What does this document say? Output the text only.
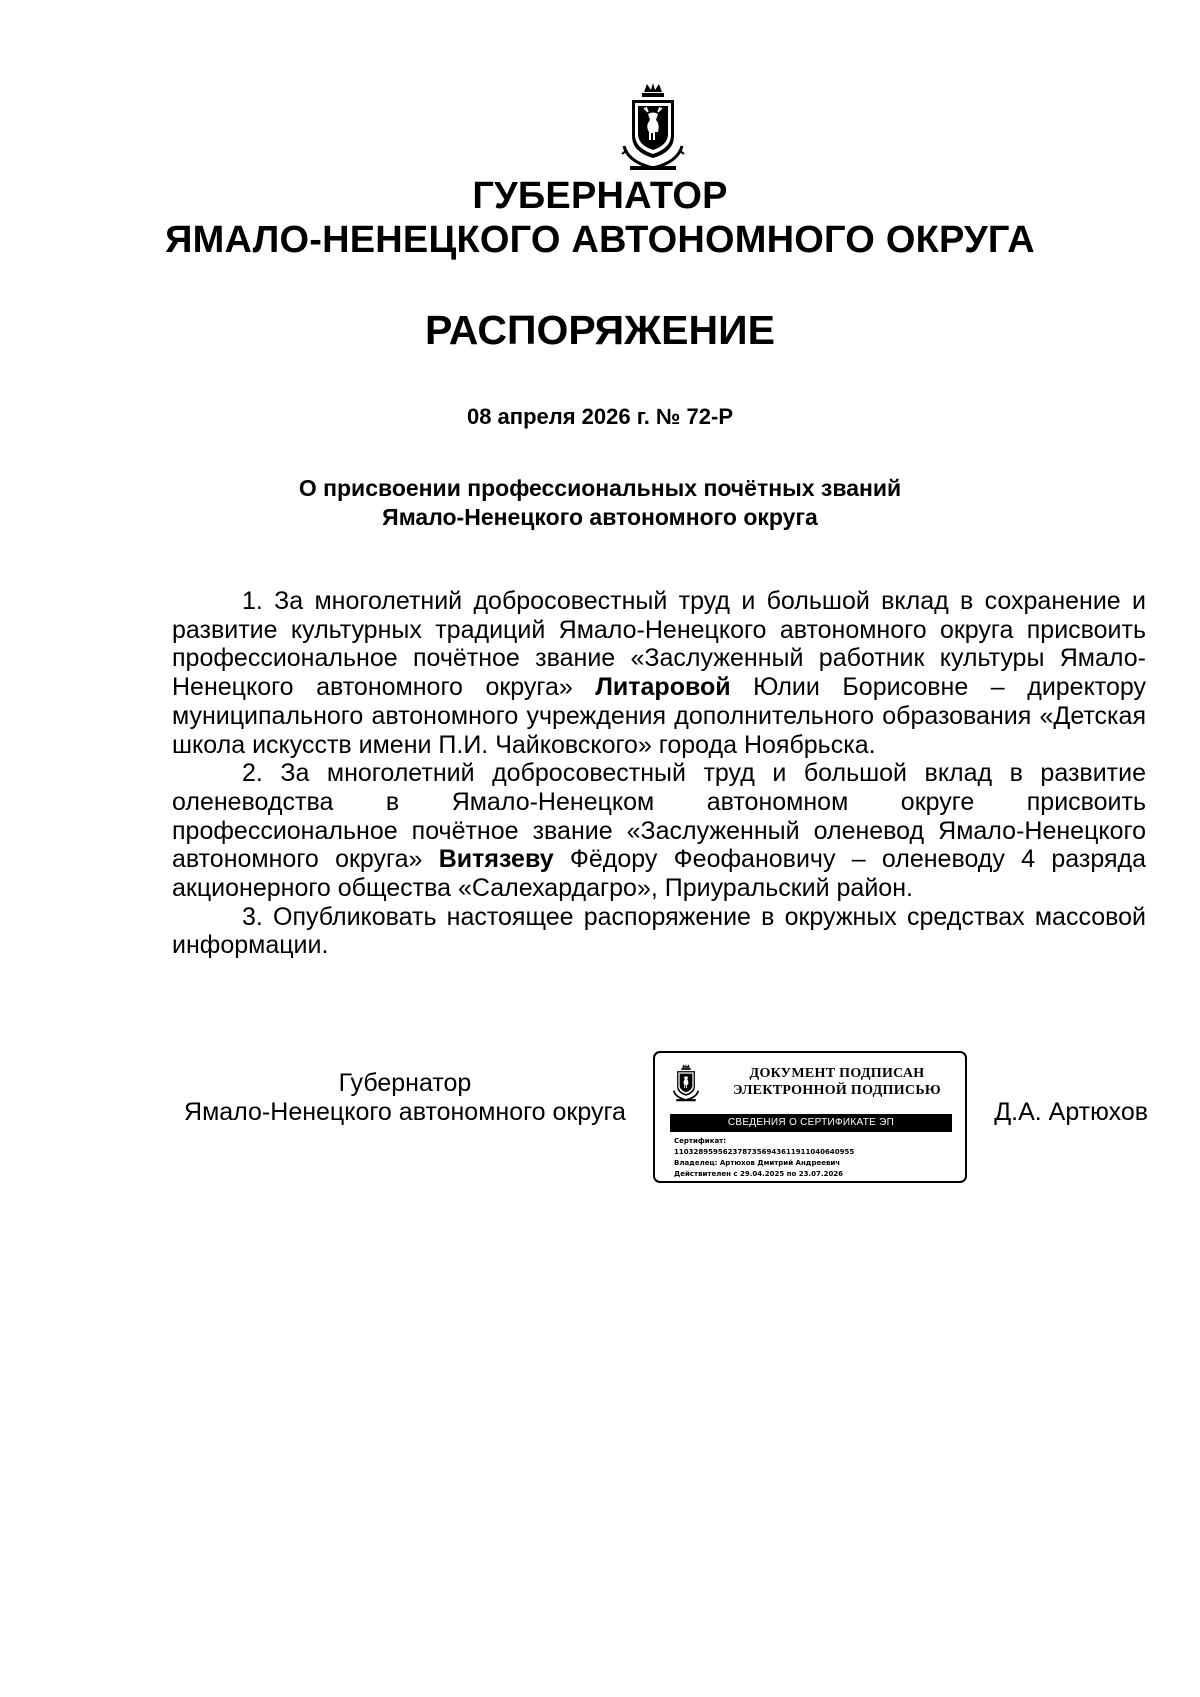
ГУБЕРНАТОР
ЯМАЛО-НЕНЕЦКОГО АВТОНОМНОГО ОКРУГА
РАСПОРЯЖЕНИЕ
08 апреля 2026 г. № 72-Р
О присвоении профессиональных почётных званий
Ямало-Ненецкого автономного округа

1. За многолетний добросовестный труд и большой вклад в сохранение и развитие культурных традиций Ямало-Ненецкого автономного округа присвоить профессиональное почётное звание «Заслуженный работник культуры Ямало-Ненецкого автономного округа» Литаровой Юлии Борисовне – директору муниципального автономного учреждения дополнительного образования «Детская школа искусств имени П.И. Чайковского» города Ноябрьска.

2. За многолетний добросовестный труд и большой вклад в развитие оленеводства в Ямало-Ненецком автономном округе присвоить профессиональное почётное звание «Заслуженный оленевод Ямало-Ненецкого автономного округа» Витязеву Фёдору Феофановичу – оленеводу 4 разряда акционерного общества «Салехардагро», Приуральский район.

3. Опубликовать настоящее распоряжение в окружных средствах массовой информации.

Губернатор
Ямало-Ненецкого автономного округа
ДОКУМЕНТ ПОДПИСАН
ЭЛЕКТРОННОЙ ПОДПИСЬЮ
СВЕДЕНИЯ О СЕРТИФИКАТЕ ЭП
Сертификат:
1103289595623787356943611911040640955
Владелец: Артюхов Дмитрий Андреевич
Действителен с 29.04.2025 по 23.07.2026
Д.А. Артюхов
